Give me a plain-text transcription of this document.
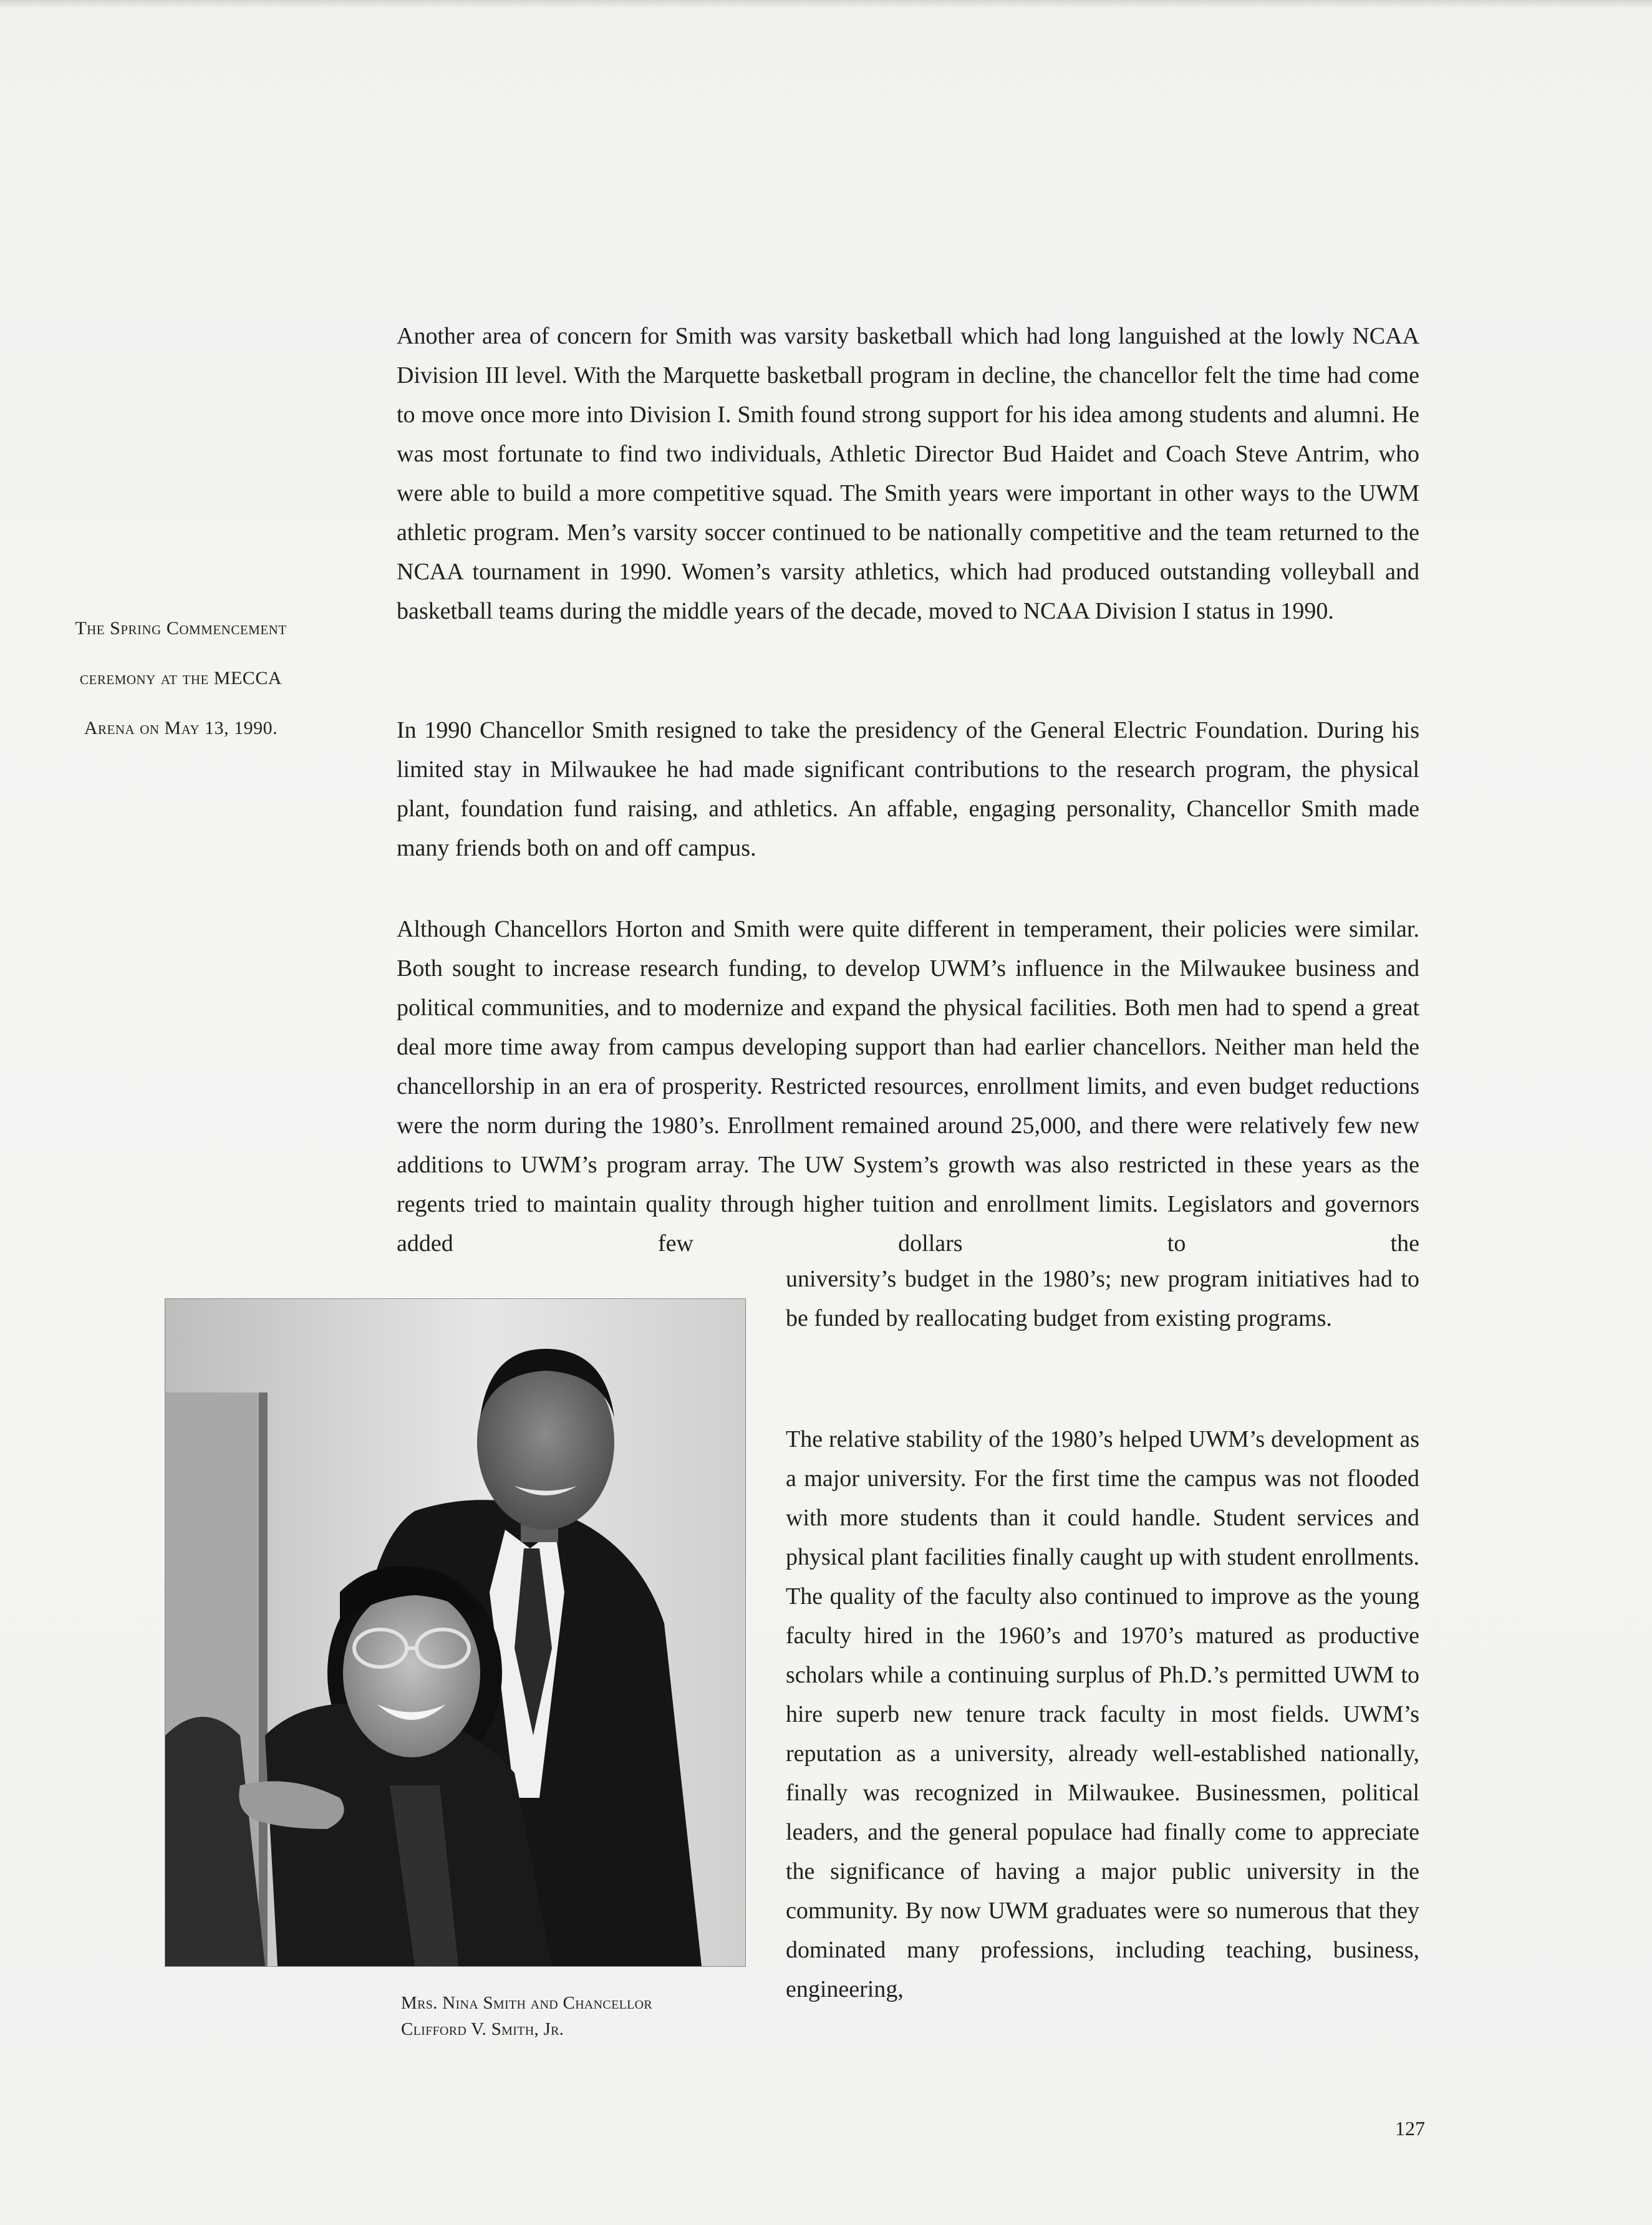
Another area of concern for Smith was varsity basketball which had long languished at the lowly NCAA Division III level. With the Marquette basketball program in decline, the chancellor felt the time had come to move once more into Division I. Smith found strong support for his idea among students and alumni. He was most fortunate to find two individuals, Athletic Director Bud Haidet and Coach Steve Antrim, who were able to build a more competitive squad. The Smith years were important in other ways to the UWM athletic program. Men’s varsity soccer continued to be nationally competitive and the team returned to the NCAA tournament in 1990. Women’s varsity athletics, which had produced outstanding volleyball and basketball teams during the middle years of the decade, moved to NCAA Division I status in 1990.

In 1990 Chancellor Smith resigned to take the presidency of the General Electric Foundation. During his limited stay in Milwaukee he had made significant contributions to the research program, the physical plant, foundation fund raising, and athletics. An affable, engaging personality, Chancellor Smith made many friends both on and off campus.

Although Chancellors Horton and Smith were quite different in temperament, their policies were similar. Both sought to increase research funding, to develop UWM’s influence in the Milwaukee business and political communities, and to modernize and expand the physical facilities. Both men had to spend a great deal more time away from campus developing support than had earlier chancellors. Neither man held the chancellorship in an era of prosperity. Restricted resources, enrollment limits, and even budget reductions were the norm during the 1980’s. Enrollment remained around 25,000, and there were relatively few new additions to UWM’s program array. The UW System’s growth was also restricted in these years as the regents tried to maintain quality through higher tuition and enrollment limits. Legislators and governors added few dollars to the

university’s budget in the 1980’s; new program initiatives had to be funded by reallocating budget from existing programs.

The relative stability of the 1980’s helped UWM’s development as a major university. For the first time the campus was not flooded with more students than it could handle. Student services and physical plant facilities finally caught up with student enrollments. The quality of the faculty also continued to improve as the young faculty hired in the 1960’s and 1970’s matured as productive scholars while a continuing surplus of Ph.D.’s permitted UWM to hire superb new tenure track faculty in most fields. UWM’s reputation as a university, already well-established nationally, finally was recognized in Milwaukee. Businessmen, political leaders, and the general populace had finally come to appreciate the significance of having a major public university in the community. By now UWM graduates were so numerous that they dominated many professions, including teaching, business, engineering,

The Spring Commencement
ceremony at the MECCA
Arena on May 13, 1990.
Mrs. Nina Smith and Chancellor
Clifford V. Smith, Jr.
127
